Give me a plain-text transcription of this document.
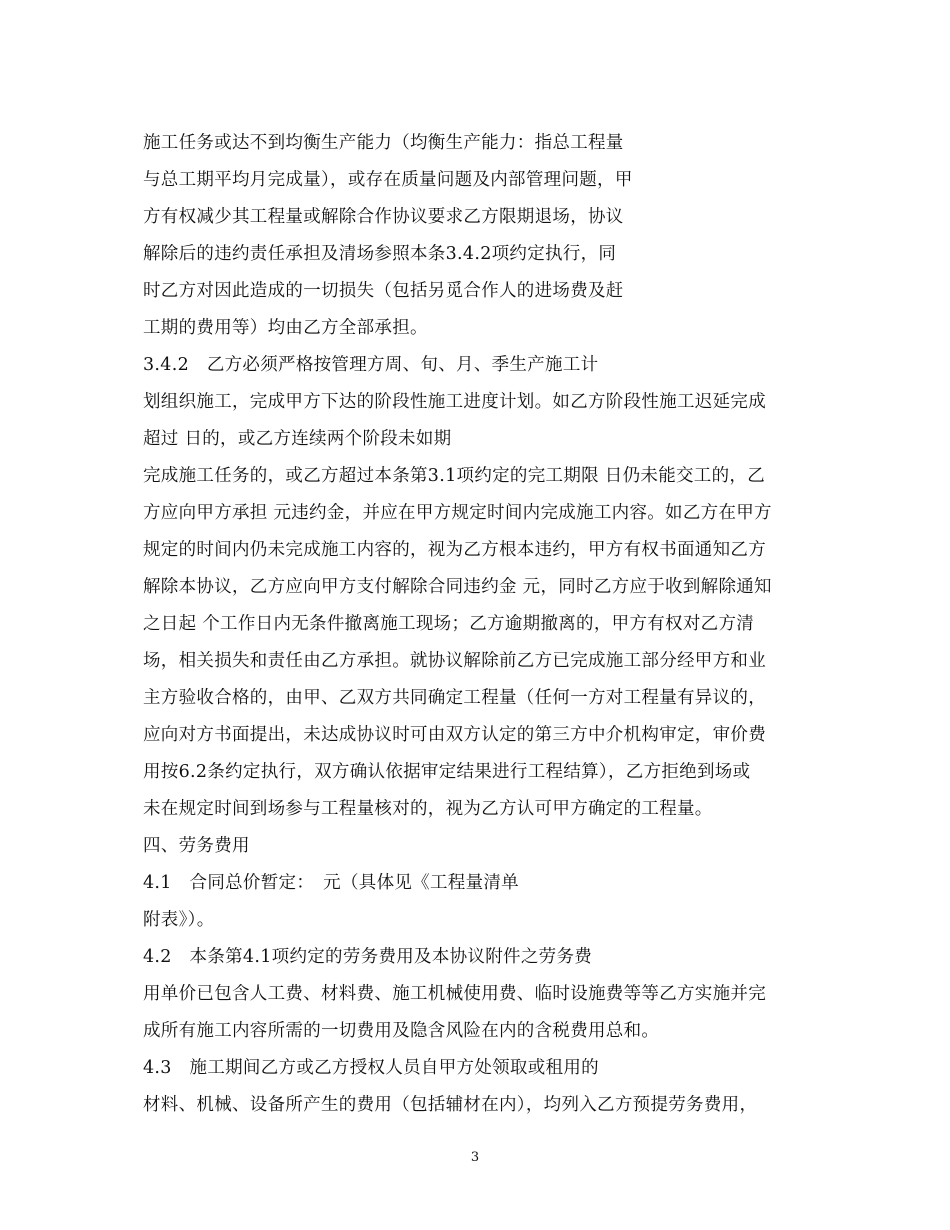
施工任务或达不到均衡生产能力（均衡生产能力：指总工程量
与总工期平均月完成量），或存在质量问题及内部管理问题，甲
方有权减少其工程量或解除合作协议要求乙方限期退场，协议
解除后的违约责任承担及清场参照本条3.4.2项约定执行，同
时乙方对因此造成的一切损失（包括另觅合作人的进场费及赶
工期的费用等）均由乙方全部承担。
3.4.2　乙方必须严格按管理方周、旬、月、季生产施工计
划组织施工，完成甲方下达的阶段性施工进度计划。如乙方阶段性施工迟延完成
超过 日的，或乙方连续两个阶段未如期
完成施工任务的，或乙方超过本条第3.1项约定的完工期限 日仍未能交工的，乙
方应向甲方承担 元违约金，并应在甲方规定时间内完成施工内容。如乙方在甲方
规定的时间内仍未完成施工内容的，视为乙方根本违约，甲方有权书面通知乙方
解除本协议，乙方应向甲方支付解除合同违约金 元，同时乙方应于收到解除通知
之日起 个工作日内无条件撤离施工现场；乙方逾期撤离的，甲方有权对乙方清
场，相关损失和责任由乙方承担。就协议解除前乙方已完成施工部分经甲方和业
主方验收合格的，由甲、乙双方共同确定工程量（任何一方对工程量有异议的，
应向对方书面提出，未达成协议时可由双方认定的第三方中介机构审定，审价费
用按6.2条约定执行，双方确认依据审定结果进行工程结算），乙方拒绝到场或
未在规定时间到场参与工程量核对的，视为乙方认可甲方确定的工程量。
四、劳务费用
4.1　合同总价暂定：　元（具体见《工程量清单
附表》）。
4.2　本条第4.1项约定的劳务费用及本协议附件之劳务费
用单价已包含人工费、材料费、施工机械使用费、临时设施费等等乙方实施并完
成所有施工内容所需的一切费用及隐含风险在内的含税费用总和。
4.3　施工期间乙方或乙方授权人员自甲方处领取或租用的
材料、机械、设备所产生的费用（包括辅材在内），均列入乙方预提劳务费用，
3
